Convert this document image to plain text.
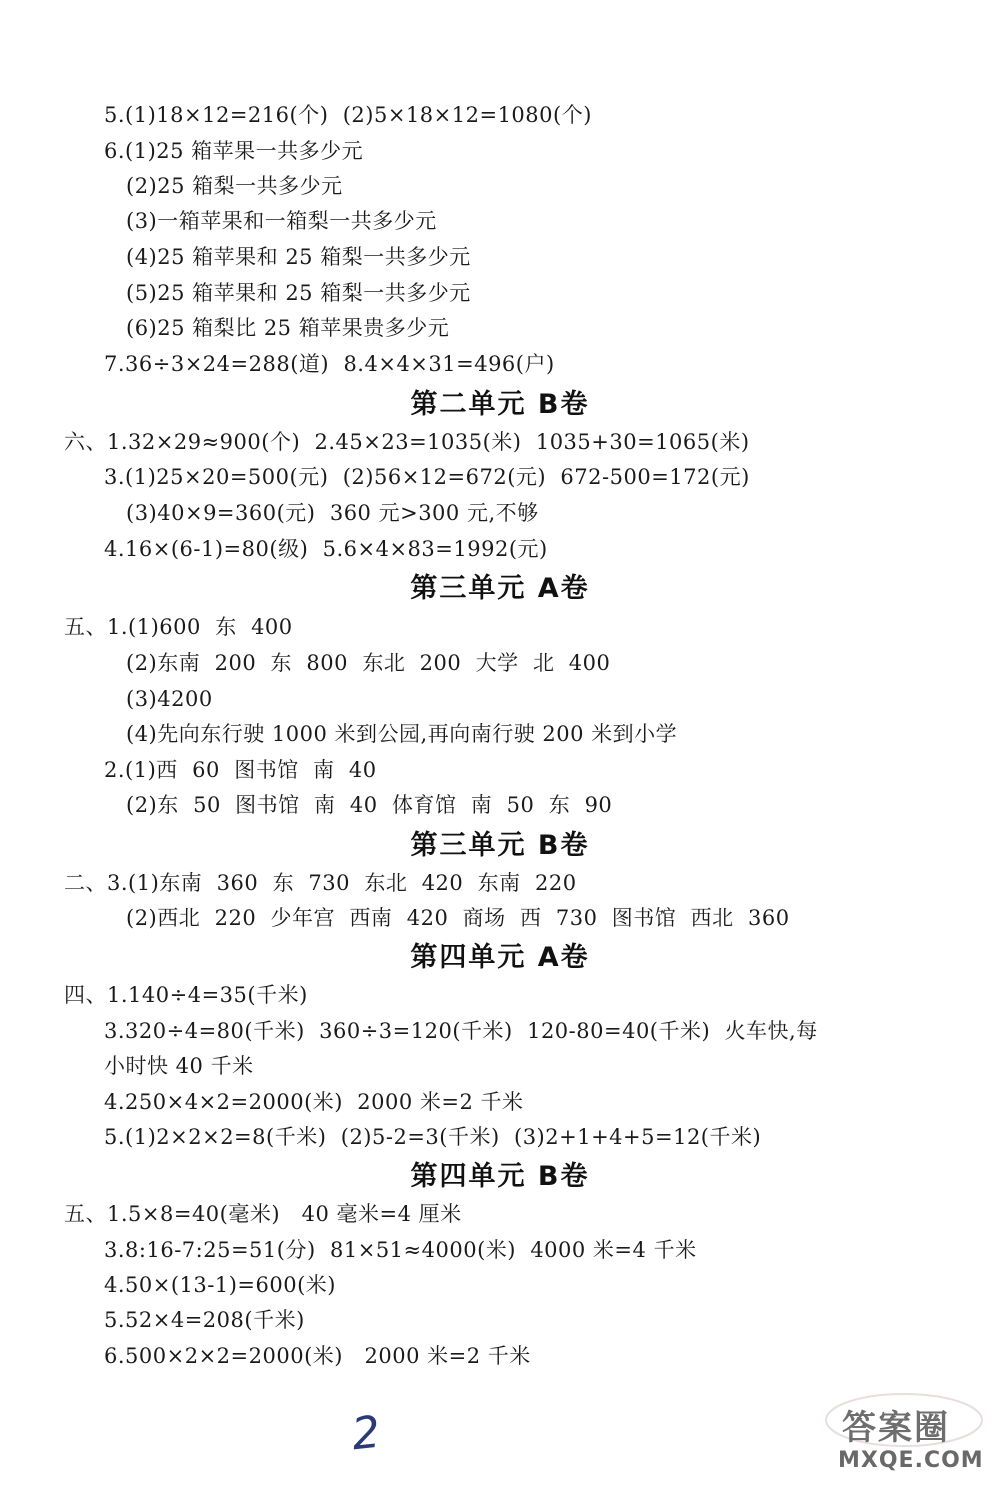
5.(1)18×12=216(个)  (2)5×18×12=1080(个)
6.(1)25 箱苹果一共多少元
(2)25 箱梨一共多少元
(3)一箱苹果和一箱梨一共多少元
(4)25 箱苹果和 25 箱梨一共多少元
(5)25 箱苹果和 25 箱梨一共多少元
(6)25 箱梨比 25 箱苹果贵多少元
7.36÷3×24=288(道)  8.4×4×31=496(户)
第二单元 B卷
六、1.32×29≈900(个)  2.45×23=1035(米)  1035+30=1065(米)
3.(1)25×20=500(元)  (2)56×12=672(元)  672-500=172(元)
(3)40×9=360(元)  360 元>300 元,不够
4.16×(6-1)=80(级)  5.6×4×83=1992(元)
第三单元 A卷
五、1.(1)600  东  400
(2)东南  200  东  800  东北  200  大学  北  400
(3)4200
(4)先向东行驶 1000 米到公园,再向南行驶 200 米到小学
2.(1)西  60  图书馆  南  40
(2)东  50  图书馆  南  40  体育馆  南  50  东  90
第三单元 B卷
二、3.(1)东南  360  东  730  东北  420  东南  220
(2)西北  220  少年宫  西南  420  商场  西  730  图书馆  西北  360
第四单元 A卷
四、1.140÷4=35(千米)
3.320÷4=80(千米)  360÷3=120(千米)  120-80=40(千米)  火车快,每
小时快 40 千米
4.250×4×2=2000(米)  2000 米=2 千米
5.(1)2×2×2=8(千米)  (2)5-2=3(千米)  (3)2+1+4+5=12(千米)
第四单元 B卷
五、1.5×8=40(毫米)   40 毫米=4 厘米
3.8:16-7:25=51(分)  81×51≈4000(米)  4000 米=4 千米
4.50×(13-1)=600(米)
5.52×4=208(千米)
6.500×2×2=2000(米)   2000 米=2 千米
2	答案圈
MXQE.COM
